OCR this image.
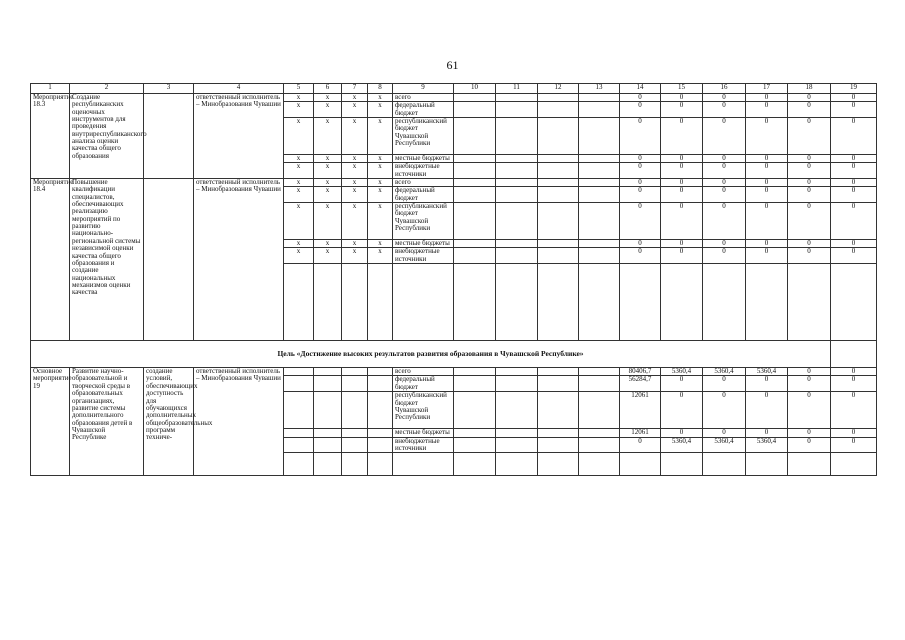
61
1	2	3	4	5	6	7	8	9	10	11	12	13	14	15	16	17	18	19
Мероприятие 18.3	Создание республиканских оценочных инструментов для проведения внутриреспубликанского анализа оценки качества общего образования		ответственный исполнитель – Минобразования Чувашии	x	x	x	x	всего					0	0	0	0	0	0
				x	x	x	x	федеральный бюджет					0	0	0	0	0	0
				x	x	x	x	республиканский бюджет Чувашской Республики					0	0	0	0	0	0
				x	x	x	x	местные бюджеты					0	0	0	0	0	0
				x	x	x	x	внебюджетные источники					0	0	0	0	0	0
Мероприятие 18.4	Повышение квалификации специалистов, обеспечивающих реализацию мероприятий по развитию национально-региональной системы независимой оценки качества общего образования и создание национальных механизмов оценки качества		ответственный исполнитель – Минобразования Чувашии	x	x	x	x	всего					0	0	0	0	0	0
				x	x	x	x	федеральный бюджет					0	0	0	0	0	0
				x	x	x	x	республиканский бюджет Чувашской Республики					0	0	0	0	0	0
				x	x	x	x	местные бюджеты					0	0	0	0	0	0
				x	x	x	x	внебюджетные источники					0	0	0	0	0	0

Цель «Достижение высоких результатов развития образования в Чувашской Республике»																		
Основное мероприятие 19	Развитие научно-образовательной и творческой среды в образовательных организациях, развитие системы дополнительного образования детей в Чувашской Республике	создание условий, обеспечивающих доступность для обучающихся дополнительных общеобразовательных программ техниче-	ответственный исполнитель – Минобразования Чувашии					всего					80406,7	5360,4	5360,4	5360,4	0	0
								федеральный бюджет					56284,7	0	0	0	0	0
								республиканский бюджет Чувашской Республики					12061	0	0	0	0	0
								местные бюджеты					12061	0	0	0	0	0
								внебюджетные источники					0	5360,4	5360,4	5360,4	0	0
